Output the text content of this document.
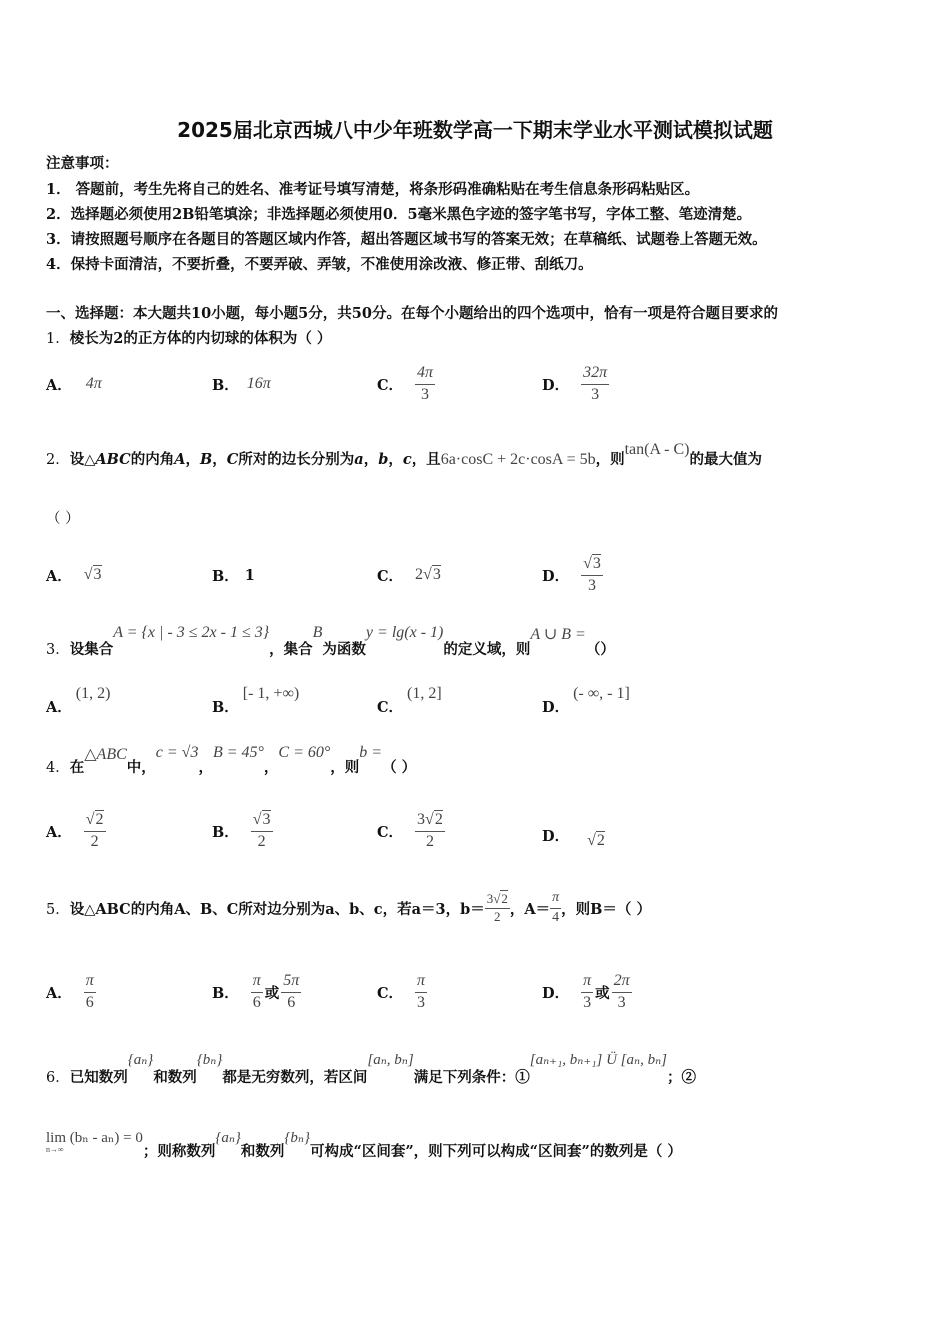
2025届北京西城八中少年班数学高一下期末学业水平测试模拟试题
注意事项：
1． 答题前，考生先将自己的姓名、准考证号填写清楚，将条形码准确粘贴在考生信息条形码粘贴区。
2．选择题必须使用2B铅笔填涂；非选择题必须使用0．5毫米黑色字迹的签字笔书写，字体工整、笔迹清楚。
3．请按照题号顺序在各题目的答题区域内作答，超出答题区域书写的答案无效；在草稿纸、试题卷上答题无效。
4．保持卡面清洁，不要折叠，不要弄破、弄皱，不准使用涂改液、修正带、刮纸刀。
一、选择题：本大题共10小题，每小题5分，共50分。在每个小题给出的四个选项中，恰有一项是符合题目要求的
1．棱长为2的正方体的内切球的体积为（ ）
A． 4π	B． 16π	C． $\frac{4\pi}{3}$	D． $\frac{32\pi}{3}$
2． 设△ ABC 的内角 A ， B ， C 所对的边长分别为 a ， b ， c ，且 6a·cosC + 2c·cosA = 5b ，则
tan(A - C)
的最大值为
（ ）
A． √3	B． 1	C． 2 √3	D． $\frac{√3}{3}$
3． 设集合
A = {x | - 3 ≤ 2x - 1 ≤ 3}
，集合
B
为函数
y = lg(x - 1)
的定义域，则
A ∪ B =
（）
A．(1, 2)
B．[- 1, +∞)
C．(1, 2]
D．(- ∞, - 1]
4． 在
△ABC
中，
c = √3
，
B = 45°
，
C = 60°
，则
b =
（ ）
A． $\frac{√2}{2}$	B． $\frac{√3}{2}$	C． $\frac{3√2}{2}$	D． √2
5． 设△ABC的内角A、B、C所对边分别为a、b、c，若a＝3，$b= \frac{3√2}{2}$ ，$A= \frac{\pi}{4}$ ，则B＝（ ）
A． $\frac{\pi}{6}$	B． $\frac{\pi}{6}$ 或 $\frac{5\pi}{6}$	C． $\frac{\pi}{3}$	D． $\frac{\pi}{3}$ 或 $\frac{2\pi}{3}$
6． 已知数列
{aₙ}
和数列
{bₙ}
都是无穷数列，若区间
[aₙ, bₙ]
满足下列条件：①
[aₙ₊₁, bₙ₊₁] Ü [aₙ, bₙ]
；②
lim (bₙ - aₙ) = 0
n→∞	；则称数列
{aₙ}
和数列
{bₙ}
可构成“区间套”，则下列可以构成“区间套”的数列是（ ）
